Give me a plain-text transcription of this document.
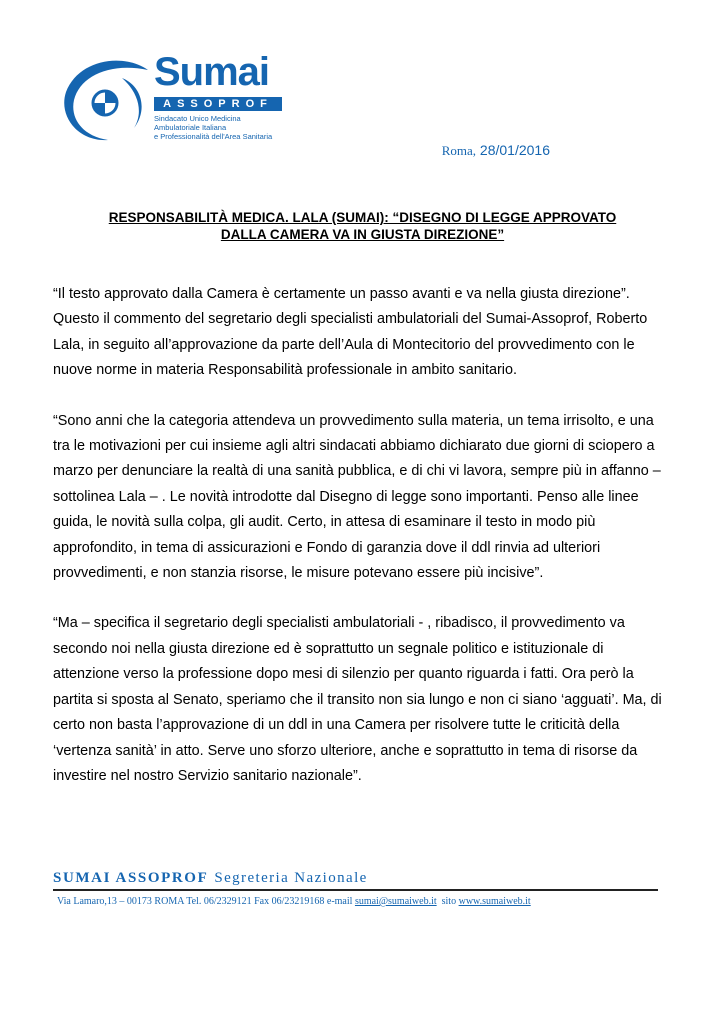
Sumai
ASSOPROF
Sindacato Unico Medicina
Ambulatoriale Italiana
e Professionalità dell'Area Sanitaria
Roma, 28/01/2016
RESPONSABILITÀ MEDICA. LALA (SUMAI): “DISEGNO DI LEGGE APPROVATO
DALLA CAMERA VA IN GIUSTA DIREZIONE”

“Il testo approvato dalla Camera è certamente un passo avanti e va nella giusta direzione”. Questo il commento del segretario degli specialisti ambulatoriali del Sumai-Assoprof, Roberto Lala, in seguito all’approvazione da parte dell’Aula di Montecitorio del provvedimento con le nuove norme in materia Responsabilità professionale in ambito sanitario.

“Sono anni che la categoria attendeva un provvedimento sulla materia, un tema irrisolto, e una tra le motivazioni per cui insieme agli altri sindacati abbiamo dichiarato due giorni di sciopero a marzo per denunciare la realtà di una sanità pubblica, e di chi vi lavora, sempre più in affanno – sottolinea Lala – . Le novità introdotte dal Disegno di legge sono importanti. Penso alle linee guida, le novità sulla colpa, gli audit. Certo, in attesa di esaminare il testo in modo più approfondito, in tema di assicurazioni e Fondo di garanzia dove il ddl rinvia ad ulteriori provvedimenti, e non stanzia risorse, le misure potevano essere più incisive”.

“Ma – specifica il segretario degli specialisti ambulatoriali - , ribadisco, il provvedimento va secondo noi nella giusta direzione ed è soprattutto un segnale politico e istituzionale di attenzione verso la professione dopo mesi di silenzio per quanto riguarda i fatti. Ora però la partita si sposta al Senato, speriamo che il transito non sia lungo e non ci siano ‘agguati’. Ma, di certo non basta l’approvazione di un ddl in una Camera per risolvere tutte le criticità della ‘vertenza sanità’ in atto. Serve uno sforzo ulteriore, anche e soprattutto in tema di risorse da investire nel nostro Servizio sanitario nazionale”.

SUMAI ASSOPROF Segreteria Nazionale
Via Lamaro,13 – 00173 ROMA Tel. 06/2329121 Fax 06/23219168 e-mail sumai@sumaiweb.it  sito www.sumaiweb.it
